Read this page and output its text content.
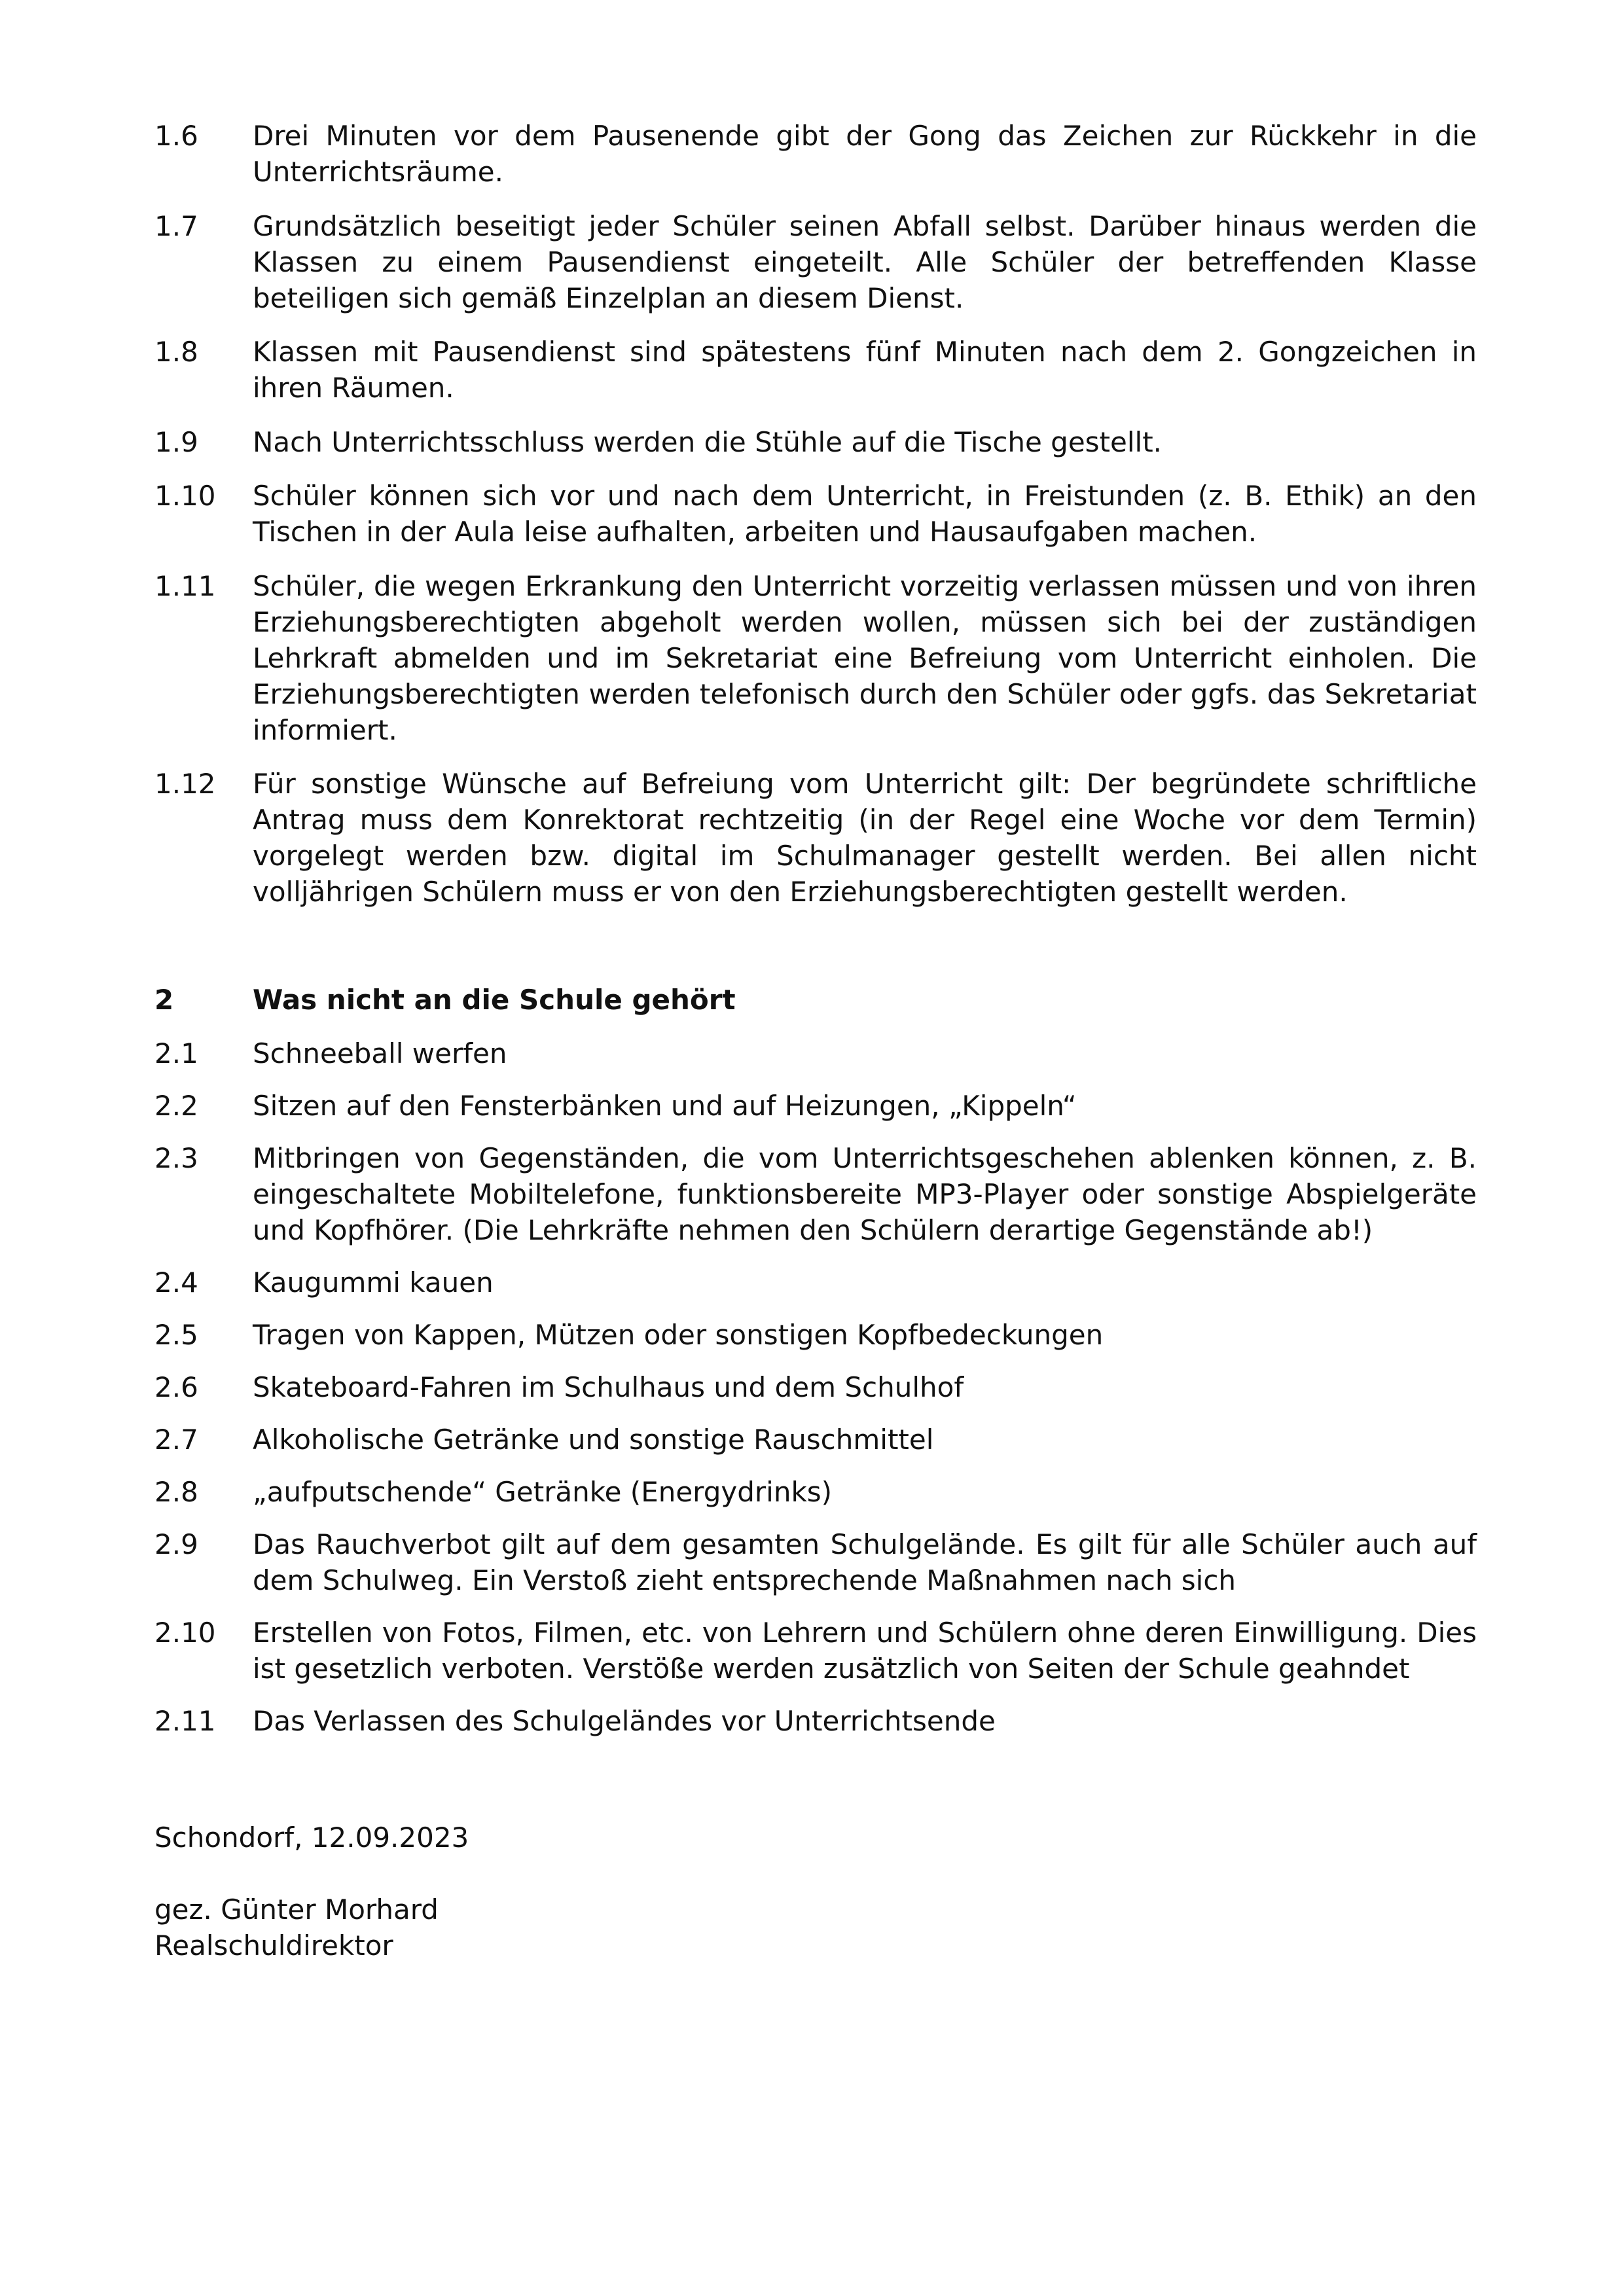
1.6	Drei Minuten vor dem Pausenende gibt der Gong das Zeichen zur Rückkehr in die Unterrichtsräume.
1.7	Grundsätzlich beseitigt jeder Schüler seinen Abfall selbst. Darüber hinaus werden die Klassen zu einem Pausendienst eingeteilt. Alle Schüler der betreffenden Klasse beteiligen sich gemäß Einzelplan an diesem Dienst.
1.8	Klassen mit Pausendienst sind spätestens fünf Minuten nach dem 2. Gongzeichen in ihren Räumen.
1.9	Nach Unterrichtsschluss werden die Stühle auf die Tische gestellt.
1.10	Schüler können sich vor und nach dem Unterricht, in Freistunden (z. B. Ethik) an den Tischen in der Aula leise aufhalten, arbeiten und Hausaufgaben machen.
1.11	Schüler, die wegen Erkrankung den Unterricht vorzeitig verlassen müssen und von ihren Erziehungsberechtigten abgeholt werden wollen, müssen sich bei der zuständigen Lehrkraft abmelden und im Sekretariat eine Befreiung vom Unterricht einholen. Die Erziehungsberechtigten werden telefonisch durch den Schüler oder ggfs. das Sekretariat informiert.
1.12	Für sonstige Wünsche auf Befreiung vom Unterricht gilt: Der begründete schriftliche Antrag muss dem Konrektorat rechtzeitig (in der Regel eine Woche vor dem Termin) vorgelegt werden bzw. digital im Schulmanager gestellt werden. Bei allen nicht volljährigen Schülern muss er von den Erziehungsberechtigten gestellt werden.
2	Was nicht an die Schule gehört
2.1	Schneeball werfen
2.2	Sitzen auf den Fensterbänken und auf Heizungen, „Kippeln“
2.3	Mitbringen von Gegenständen, die vom Unterrichtsgeschehen ablenken können, z. B. eingeschaltete Mobiltelefone, funktionsbereite MP3-Player oder sonstige Abspielgeräte und Kopfhörer. (Die Lehrkräfte nehmen den Schülern derartige Gegenstände ab!)
2.4	Kaugummi kauen
2.5	Tragen von Kappen, Mützen oder sonstigen Kopfbedeckungen
2.6	Skateboard-Fahren im Schulhaus und dem Schulhof
2.7	Alkoholische Getränke und sonstige Rauschmittel
2.8	„aufputschende“ Getränke (Energydrinks)
2.9	Das Rauchverbot gilt auf dem gesamten Schulgelände. Es gilt für alle Schüler auch auf dem Schulweg. Ein Verstoß zieht entsprechende Maßnahmen nach sich
2.10	Erstellen von Fotos, Filmen, etc. von Lehrern und Schülern ohne deren Einwilligung. Dies ist gesetzlich verboten. Verstöße werden zusätzlich von Seiten der Schule geahndet
2.11	Das Verlassen des Schulgeländes vor Unterrichtsende
Schondorf, 12.09.2023
gez. Günter Morhard
Realschuldirektor
